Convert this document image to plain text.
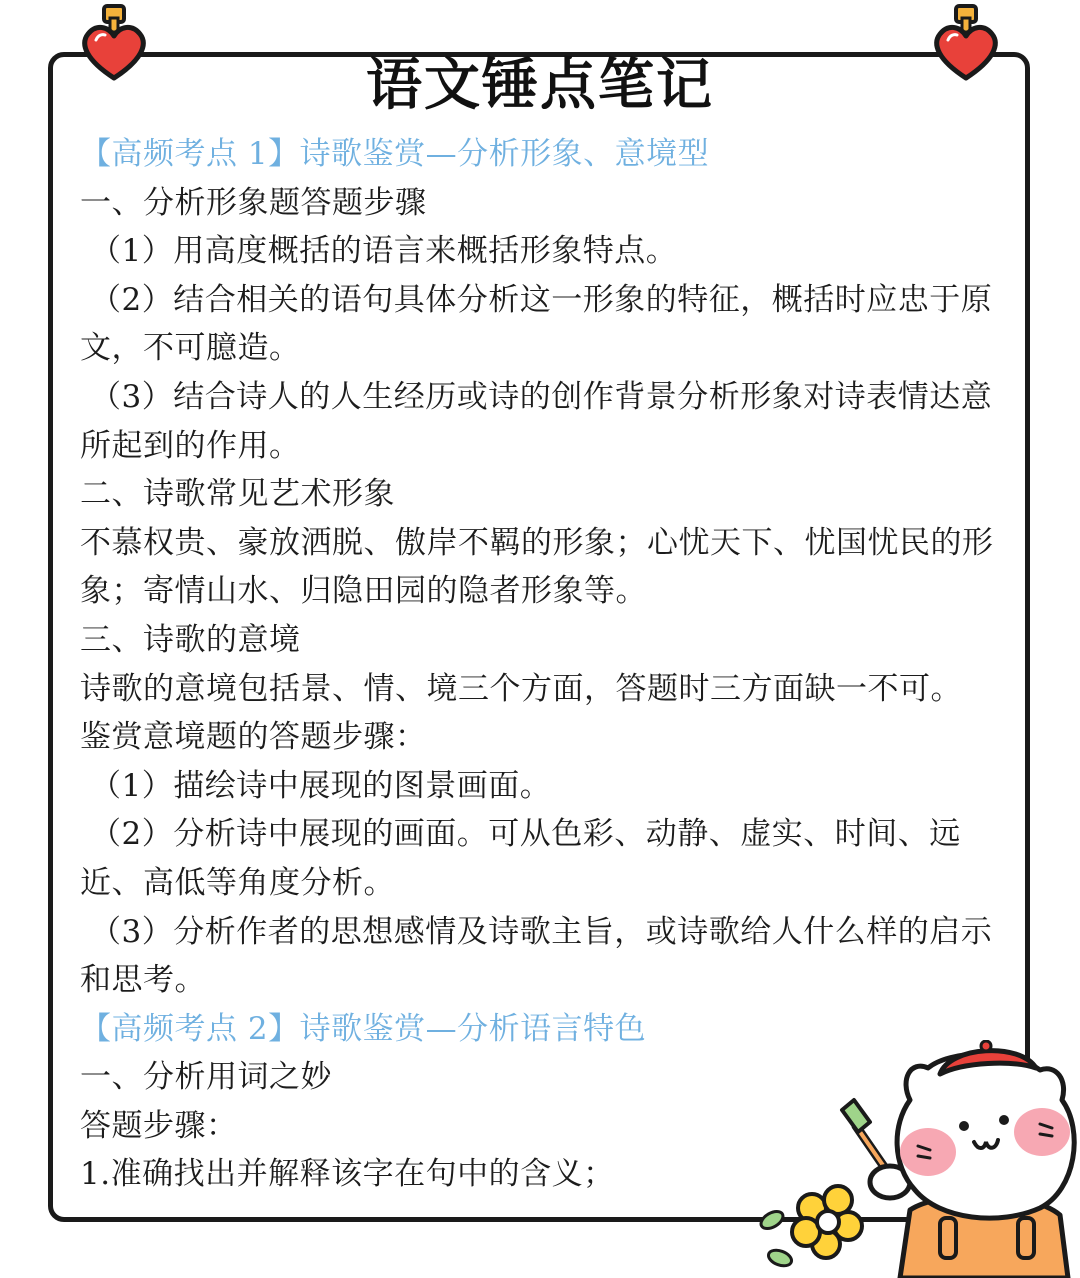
语文锤点笔记
【高频考点 1】诗歌鉴赏—分析形象、意境型
一、分析形象题答题步骤
（1）用高度概括的语言来概括形象特点。
（2）结合相关的语句具体分析这一形象的特征，概括时应忠于原文，不可臆造。
（3）结合诗人的人生经历或诗的创作背景分析形象对诗表情达意所起到的作用。
二、诗歌常见艺术形象
不慕权贵、豪放洒脱、傲岸不羁的形象；心忧天下、忧国忧民的形象；寄情山水、归隐田园的隐者形象等。
三、诗歌的意境
诗歌的意境包括景、情、境三个方面，答题时三方面缺一不可。
鉴赏意境题的答题步骤：
（1）描绘诗中展现的图景画面。
（2）分析诗中展现的画面。可从色彩、动静、虚实、时间、远近、高低等角度分析。
（3）分析作者的思想感情及诗歌主旨，或诗歌给人什么样的启示和思考。
【高频考点 2】诗歌鉴赏—分析语言特色
一、分析用词之妙
答题步骤：
1.准确找出并解释该字在句中的含义；
